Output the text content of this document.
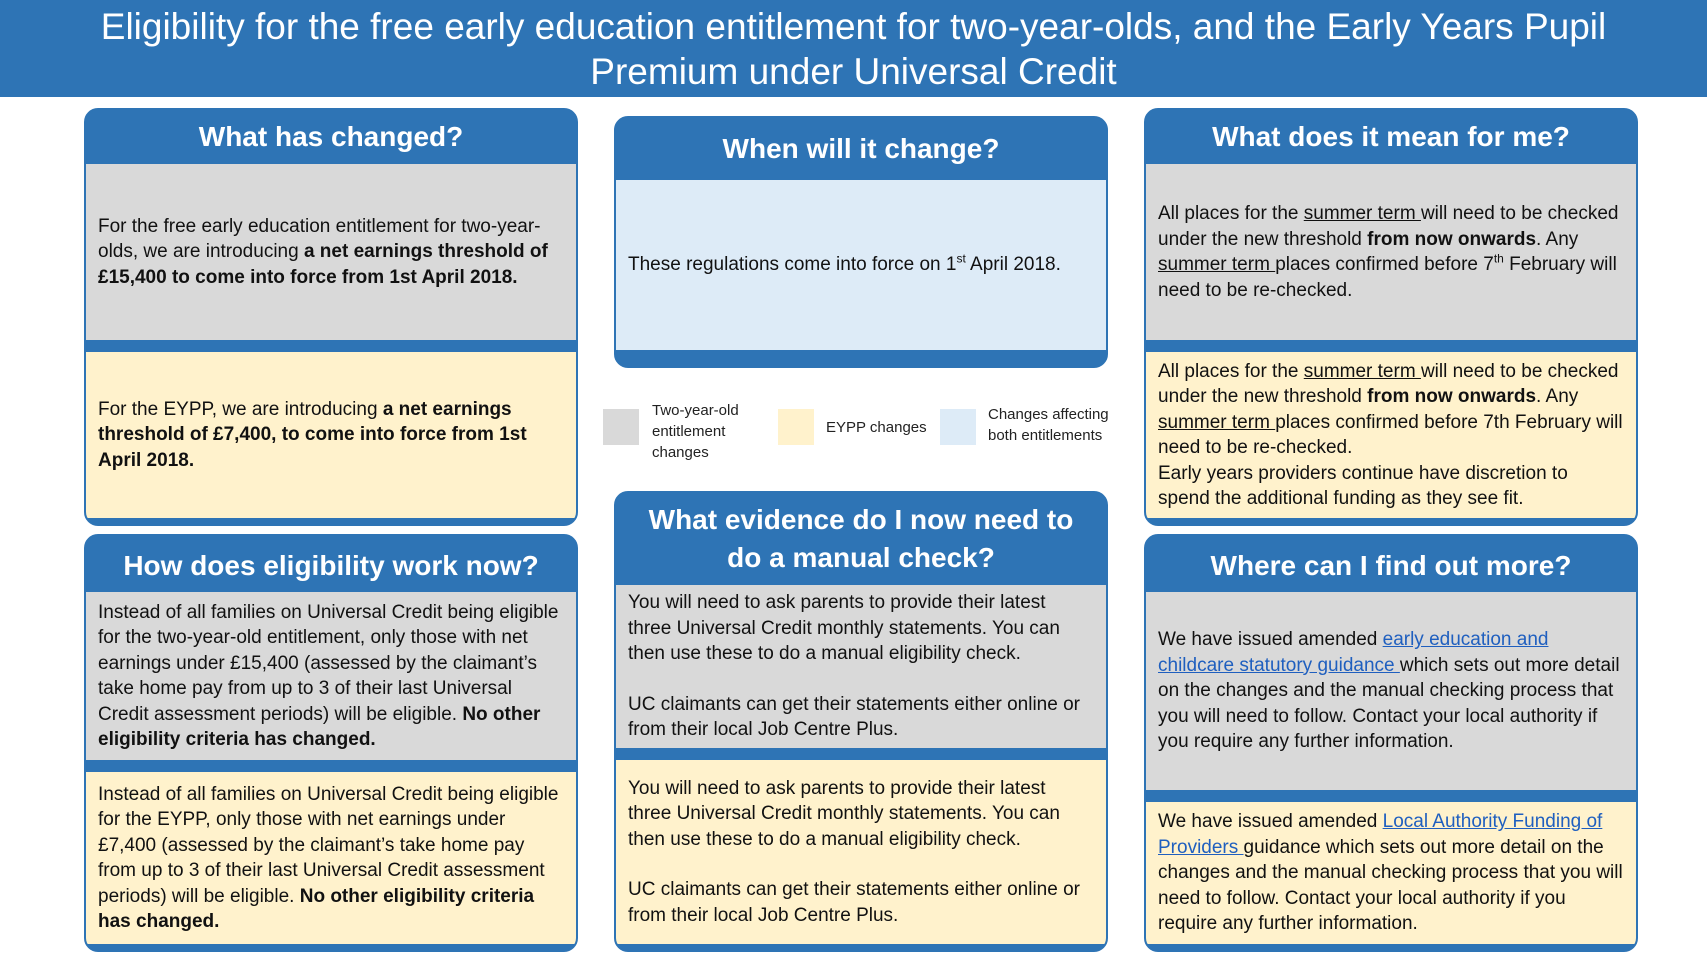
Eligibility for the free early education entitlement for two-year-olds, and the Early Years Pupil
Premium under Universal Credit
What has changed?
For the free early education entitlement for two-year-olds, we are introducing a net earnings threshold of £15,400 to come into force from 1st April 2018.
For the EYPP, we are introducing a net earnings threshold of £7,400, to come into force from 1st April 2018.
When will it change?
These regulations come into force on 1st April 2018.
Two-year-old entitlement changes
EYPP changes
Changes affecting both entitlements
What does it mean for me?
All places for the summer term will need to be checked under the new threshold from now onwards. Any summer term places confirmed before 7th February will need to be re-checked.
All places for the summer term will need to be checked under the new threshold from now onwards. Any summer term places confirmed before 7th February will need to be re-checked.
Early years providers continue have discretion to spend the additional funding as they see fit.
How does eligibility work now?
Instead of all families on Universal Credit being eligible for the two-year-old entitlement, only those with net earnings under £15,400 (assessed by the claimant’s take home pay from up to 3 of their last Universal Credit assessment periods) will be eligible. No other eligibility criteria has changed.
Instead of all families on Universal Credit being eligible for the EYPP, only those with net earnings under £7,400 (assessed by the claimant’s take home pay from up to 3 of their last Universal Credit assessment periods) will be eligible. No other eligibility criteria has changed.
What evidence do I now need to do a manual check?
You will need to ask parents to provide their latest three Universal Credit monthly statements. You can then use these to do a manual eligibility check.
UC claimants can get their statements either online or from their local Job Centre Plus.
You will need to ask parents to provide their latest three Universal Credit monthly statements. You can then use these to do a manual eligibility check.
UC claimants can get their statements either online or from their local Job Centre Plus.
Where can I find out more?
We have issued amended early education and childcare statutory guidance which sets out more detail on the changes and the manual checking process that you will need to follow. Contact your local authority if you require any further information.
We have issued amended Local Authority Funding of Providers guidance which sets out more detail on the changes and the manual checking process that you will need to follow. Contact your local authority if you require any further information.
